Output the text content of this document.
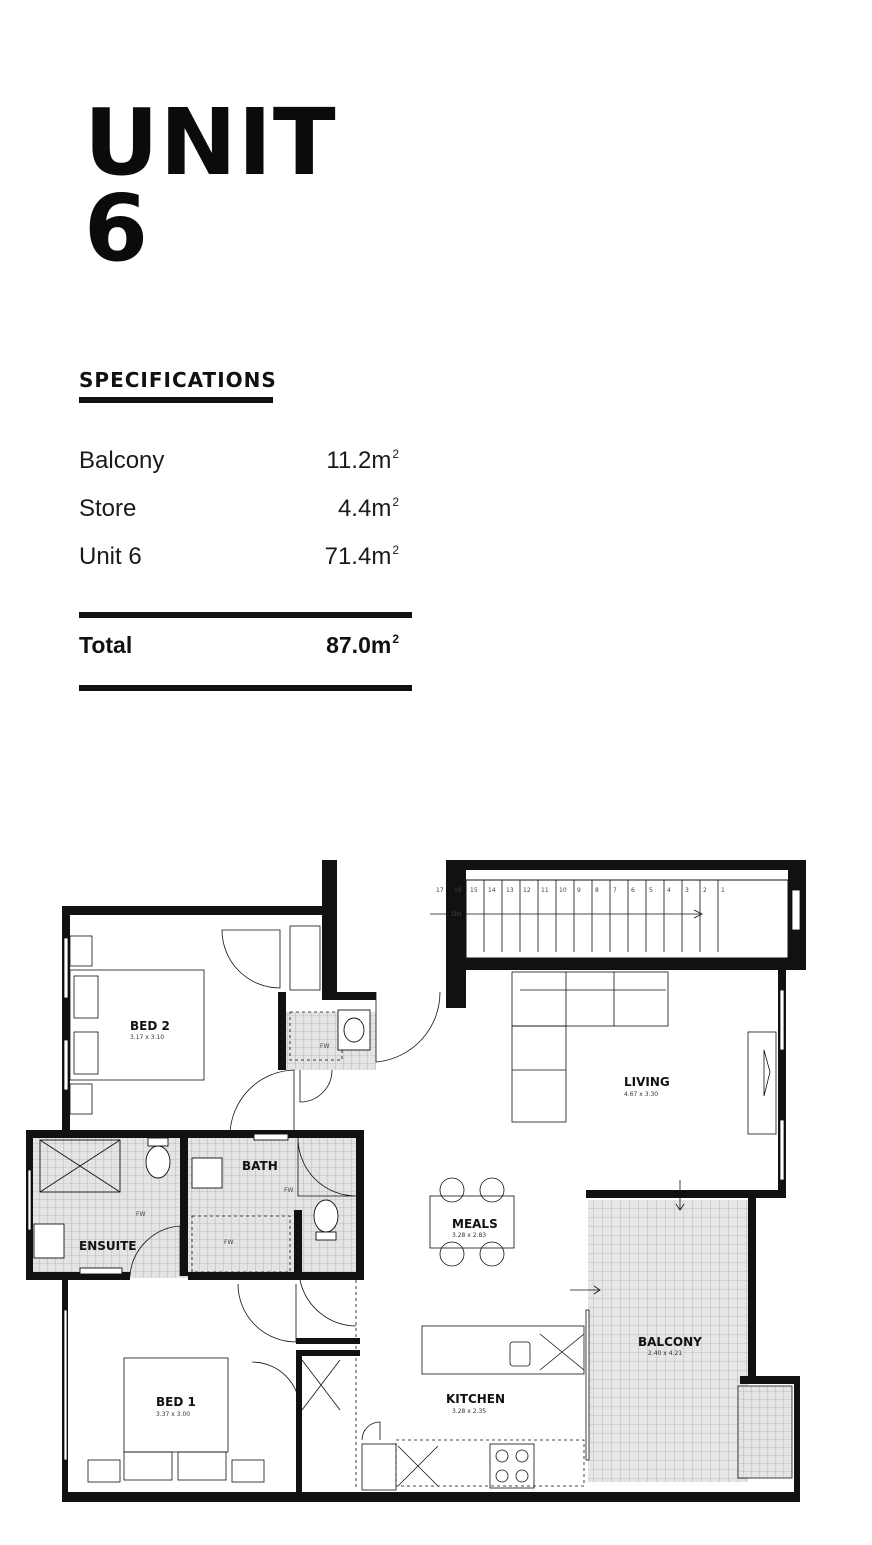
UNIT
6
SPECIFICATIONS
Balcony	$11.2m^2$
Store	$4.4m^2$
Unit 6	$71.4m^2$
Total	$87.0m^2$
17 16 15 14 13 12 11 10 9 8 7 6 5 4 3 2 1
DN
FW
FW
FW
FW
BED 2
3.17 x 3.10
LIVING
4.67 x 3.30
BATH
ENSUITE
MEALS
3.28 x 2.83
BALCONY
2.40 x 4.21
KITCHEN
3.28 x 2.35
BED 1
3.37 x 3.00
